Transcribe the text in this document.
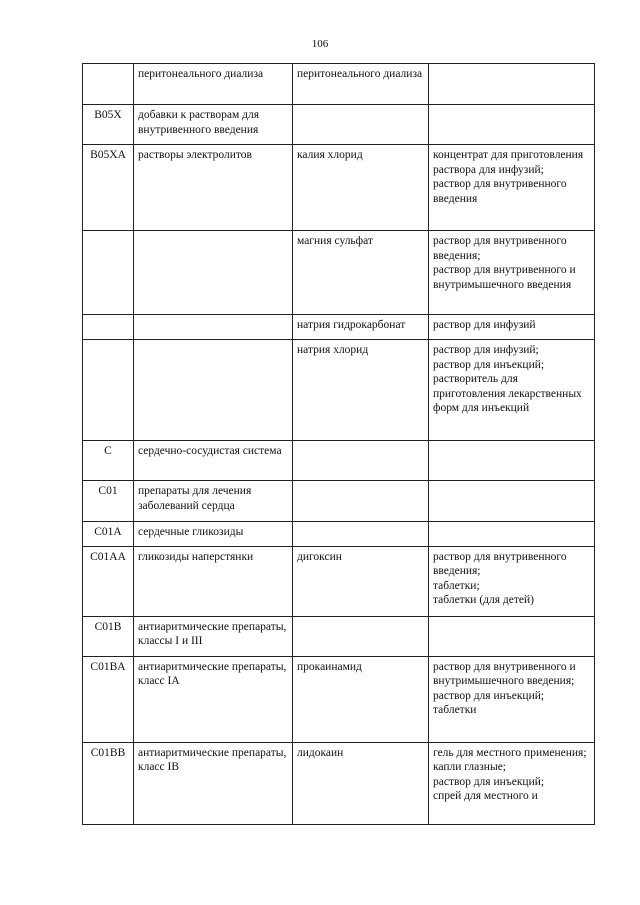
106
	перитонеального диализа	перитонеального диализа	
B05X	добавки к растворам для внутривенного введения		
B05XA	растворы электролитов	калия хлорид	концентрат для приготовления раствора для инфузий;
раствор для внутривенного введения

		магния сульфат	раствор для внутривенного введения;
раствор для внутривенного и внутримышечного введения

		натрия гидрокарбонат	раствор для инфузий

		натрия хлорид	раствор для инфузий;
раствор для инъекций;
растворитель для приготовления лекарственных форм для инъекций

C	сердечно-сосудистая система		
C01	препараты для лечения заболеваний сердца		
C01A	сердечные гликозиды		
C01AA	гликозиды наперстянки	дигоксин	раствор для внутривенного введения;
таблетки;
таблетки (для детей)

C01B	антиаритмические препараты, классы I и III		
C01BA	антиаритмические препараты, класс IA	прокаинамид	раствор для внутривенного и внутримышечного введения;
раствор для инъекций;
таблетки

C01BB	антиаритмические препараты, класс IB	лидокаин	гель для местного применения;
капли глазные;
раствор для инъекций;
спрей для местного и
